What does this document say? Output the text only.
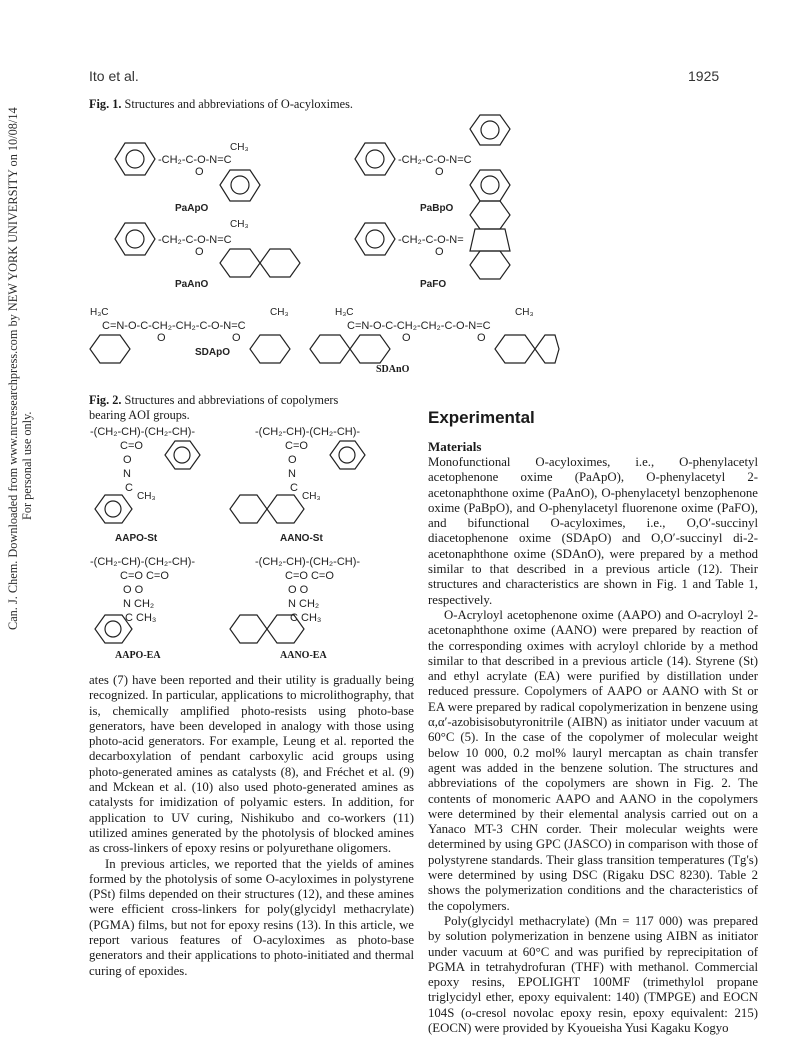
Ito et al.	1925
Can. J. Chem. Downloaded from www.nrcresearchpress.com by NEW YORK UNIVERSITY on 10/08/14 For personal use only.
Fig. 1. Structures and abbreviations of O-acyloximes.
-CH₂-C-O-N=C
O
CH₃
PaApO
-CH₂-C-O-N=C
O
PaBpO
-CH₂-C-O-N=C
O
CH₃
PaAnO
-CH₂-C-O-N=
O
PaFO
H₃C
C=N-O-C-CH₂-CH₂-C-O-N=C
O	O
CH₃
SDApO
H₃C
C=N-O-C-CH₂-CH₂-C-O-N=C
O	O
CH₃
SDAnO
Fig. 2. Structures and abbreviations of copolymers bearing AOI groups.
-(CH₂-CH)-(CH₂-CH)-
C=O
O
N
C
CH₃
AAPO-St
-(CH₂-CH)-(CH₂-CH)-
C=O
O
N
C
CH₃
AANO-St
-(CH₂-CH)-(CH₂-CH)-
C=O C=O
O O
N CH₂
C CH₃
-(CH₂-CH)-(CH₂-CH)-
C=O C=O
O O
N CH₂
C CH₃
AAPO-EA	AANO-EA

ates (7) have been reported and their utility is gradually being recognized. In particular, applications to microlithography, that is, chemically amplified photo-resists using photo-base generators, have been developed in analogy with those using photo-acid generators. For example, Leung et al. reported the decarboxylation of pendant carboxylic acid groups using photo-generated amines as catalysts (8), and Fréchet et al. (9) and Mckean et al. (10) also used photo-generated amines as catalysts for imidization of polyamic esters. In addition, for application to UV curing, Nishikubo and co-workers (11) utilized amines generated by the photolysis of blocked amines as cross-linkers of epoxy resins or polyurethane oligomers.

In previous articles, we reported that the yields of amines formed by the photolysis of some O-acyloximes in polystyrene (PSt) films depended on their structures (12), and these amines were efficient cross-linkers for poly(glycidyl methacrylate) (PGMA) films, but not for epoxy resins (13). In this article, we report various features of O-acyloximes as photo-base generators and their applications to photo-initiated and thermal curing of epoxides.

Experimental
Materials

Monofunctional O-acyloximes, i.e., O-phenylacetyl acetophenone oxime (PaApO), O-phenylacetyl 2-acetonaphthone oxime (PaAnO), O-phenylacetyl benzophenone oxime (PaBpO), and O-phenylacetyl fluorenone oxime (PaFO), and bifunctional O-acyloximes, i.e., O,O′-succinyl diacetophenone oxime (SDApO) and O,O′-succinyl di-2-acetonaphthone oxime (SDAnO), were prepared by a method similar to that described in a previous article (12). Their structures and characteristics are shown in Fig. 1 and Table 1, respectively.

O-Acryloyl acetophenone oxime (AAPO) and O-acryloyl 2-acetonaphthone oxime (AANO) were prepared by reaction of the corresponding oximes with acryloyl chloride by a method similar to that described in a previous article (14). Styrene (St) and ethyl acrylate (EA) were purified by distillation under reduced pressure. Copolymers of AAPO or AANO with St or EA were prepared by radical copolymerization in benzene using α,α′-azobisisobutyronitrile (AIBN) as initiator under vacuum at 60°C (5). In the case of the copolymer of molecular weight below 10 000, 0.2 mol% lauryl mercaptan as chain transfer agent was added in the benzene solution. The structures and abbreviations of the copolymers are shown in Fig. 2. The contents of monomeric AAPO and AANO in the copolymers were determined by their elemental analysis carried out on a Yanaco MT-3 CHN corder. Their molecular weights were determined by using GPC (JASCO) in comparison with those of polystyrene standards. Their glass transition temperatures (Tg's) were determined by using DSC (Rigaku DSC 8230). Table 2 shows the polymerization conditions and the characteristics of the copolymers.

Poly(glycidyl methacrylate) (Mn = 117 000) was prepared by solution polymerization in benzene using AIBN as initiator under vacuum at 60°C and was purified by reprecipitation of PGMA in tetrahydrofuran (THF) with methanol. Commercial epoxy resins, EPOLIGHT 100MF (trimethylol propane triglycidyl ether, epoxy equivalent: 140) (TMPGE) and EOCN 104S (o-cresol novolac epoxy resin, epoxy equivalent: 215) (EOCN) were provided by Kyoueisha Yusi Kagaku Kogyo
